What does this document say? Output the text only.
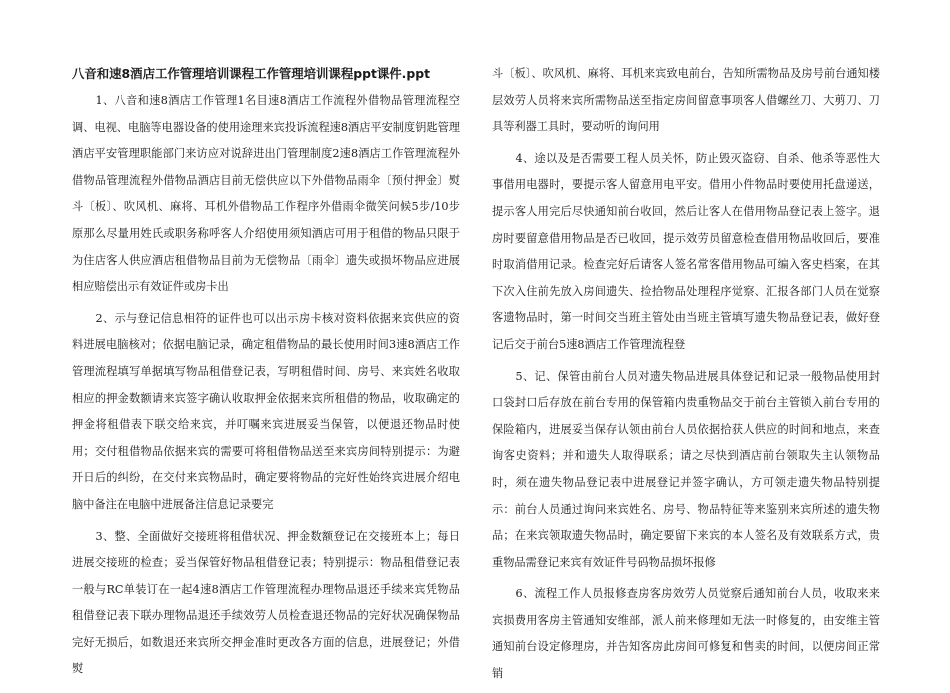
八音和速8酒店工作管理培训课程工作管理培训课程ppt课件.ppt

1、八音和速8酒店工作管理1名目速8酒店工作流程外借物品管理流程空调、电视、电脑等电器设备的使用途理来宾投诉流程速8酒店平安制度钥匙管理酒店平安管理职能部门来访应对说辞进出门管理制度2速8酒店工作管理流程外借物品管理流程外借物品酒店目前无偿供应以下外借物品雨伞〔预付押金〕熨斗〔板〕、吹风机、麻将、耳机外借物品工作程序外借雨伞微笑问候5步/10步原那么尽量用姓氏或职务称呼客人介绍使用须知酒店可用于租借的物品只限于为住店客人供应酒店租借物品目前为无偿物品〔雨伞〕遗失或损坏物品应进展相应赔偿出示有效证件或房卡出

2、示与登记信息相符的证件也可以出示房卡核对资料依据来宾供应的资料进展电脑核对；依据电脑记录，确定租借物品的最长使用时间3速8酒店工作管理流程填写单据填写物品租借登记表，写明租借时间、房号、来宾姓名收取相应的押金数额请来宾签字确认收取押金依据来宾所租借的物品，收取确定的押金将租借表下联交给来宾，并叮嘱来宾进展妥当保管，以便退还物品时使用；交付租借物品依据来宾的需要可将租借物品送至来宾房间特别提示：为避开日后的纠纷，在交付来宾物品时，确定要将物品的完好性始终宾进展介绍电脑中备注在电脑中进展备注信息记录要完

3、整、全面做好交接班将租借状况、押金数额登记在交接班本上；每日进展交接班的检查；妥当保管好物品租借登记表；特别提示：物品租借登记表一般与RC单装订在一起4速8酒店工作管理流程办理物品退还手续来宾凭物品租借登记表下联办理物品退还手续效劳人员检查退还物品的完好状况确保物品完好无损后，如数退还来宾所交押金准时更改各方面的信息，进展登记；外借熨

斗〔板〕、吹风机、麻将、耳机来宾致电前台，告知所需物品及房号前台通知楼层效劳人员将来宾所需物品送至指定房间留意事项客人借螺丝刀、大剪刀、刀具等利器工具时，要动听的询问用

4、途以及是否需要工程人员关怀，防止毁灭盗窃、自杀、他杀等恶性大事借用电器时，要提示客人留意用电平安。借用小件物品时要使用托盘递送，提示客人用完后尽快通知前台收回，然后让客人在借用物品登记表上签字。退房时要留意借用物品是否已收回，提示效劳员留意检查借用物品收回后，要准时取消借用记录。检查完好后请客人签名常客借用物品可编入客史档案，在其下次入住前先放入房间遗失、捡拾物品处理程序觉察、汇报各部门人员在觉察客遗物品时，第一时间交当班主管处由当班主管填写遗失物品登记表，做好登记后交于前台5速8酒店工作管理流程登

5、记、保管由前台人员对遗失物品进展具体登记和记录一般物品使用封口袋封口后存放在前台专用的保管箱内贵重物品交于前台主管锁入前台专用的保险箱内，进展妥当保存认领由前台人员依据拾获人供应的时间和地点，来查询客史资料；并和遗失人取得联系；请之尽快到酒店前台领取失主认领物品时，须在遗失物品登记表中进展登记并签字确认，方可领走遗失物品特别提示：前台人员通过询问来宾姓名、房号、物品特征等来鉴别来宾所述的遗失物品；在来宾领取遗失物品时，确定要留下来宾的本人签名及有效联系方式，贵重物品需登记来宾有效证件号码物品损坏报修

6、流程工作人员报修查房客房效劳人员觉察后通知前台人员，收取来来宾损费用客房主管通知安维部，派人前来修理如无法一时修复的，由安维主管通知前台设定修理房，并告知客房此房间可修复和售卖的时间，以便房间正常销
